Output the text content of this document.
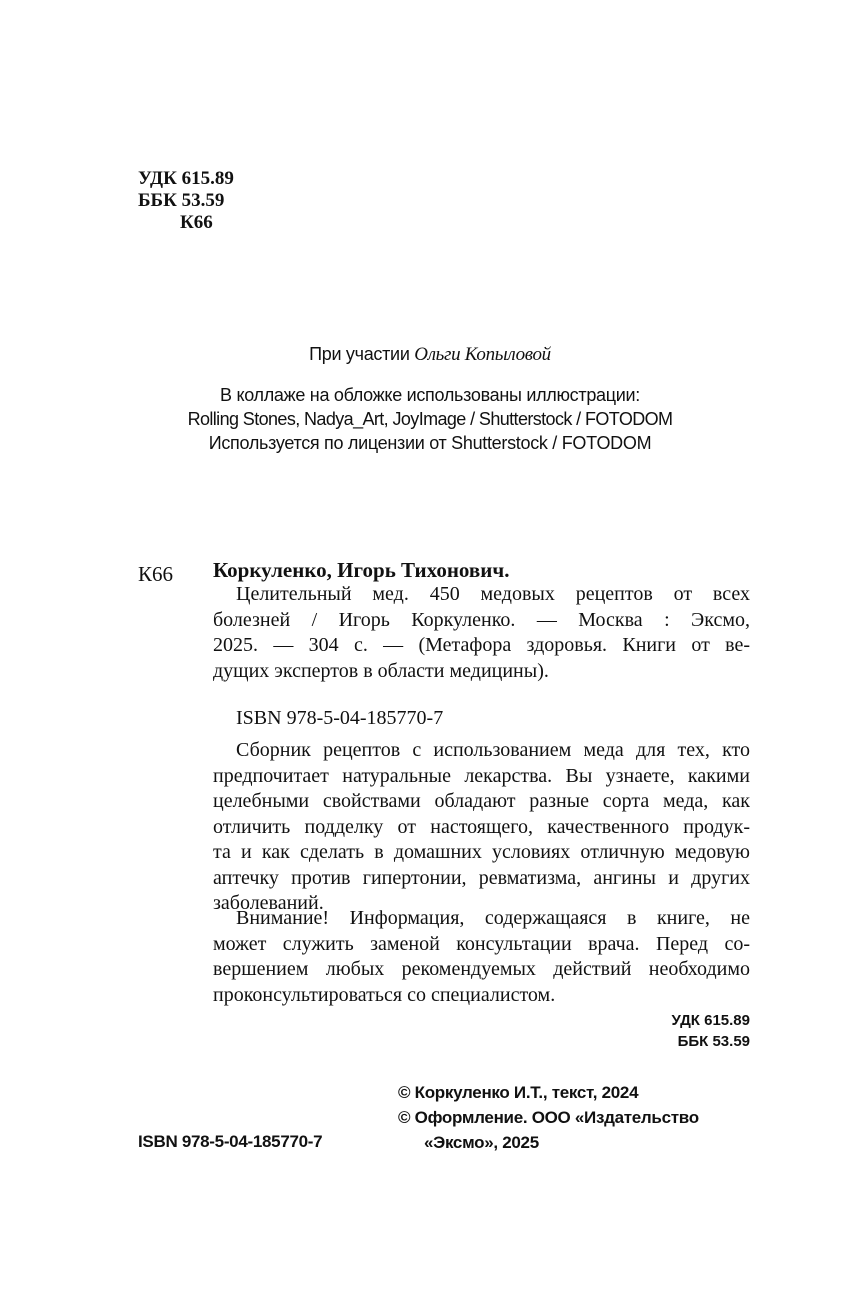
УДК 615.89
ББК 53.59
К66
При участии Ольги Копыловой
В коллаже на обложке использованы иллюстрации:
Rolling Stones, Nadya_Art, JoyImage / Shutterstock / FOTODOM
Используется по лицензии от Shutterstock / FOTODOM
К66 Коркуленко, Игорь Тихонович.
Целительный мед. 450 медовых рецептов от всех
болезней / Игорь Коркуленко. — Москва : Эксмо,
2025. — 304 с. — (Метафора здоровья. Книги от ве-
дущих экспертов в области медицины).
ISBN 978-5-04-185770-7
Сборник рецептов с использованием меда для тех, кто
предпочитает натуральные лекарства. Вы узнаете, какими
целебными свойствами обладают разные сорта меда, как
отличить подделку от настоящего, качественного продук-
та и как сделать в домашних условиях отличную медовую
аптечку против гипертонии, ревматизма, ангины и других
заболеваний.
Внимание! Информация, содержащаяся в книге, не
может служить заменой консультации врача. Перед со-
вершением любых рекомендуемых действий необходимо
проконсультироваться со специалистом.
УДК 615.89
ББК 53.59
© Коркуленко И.Т., текст, 2024
© Оформление. ООО «Издательство
«Эксмо», 2025
ISBN 978-5-04-185770-7
